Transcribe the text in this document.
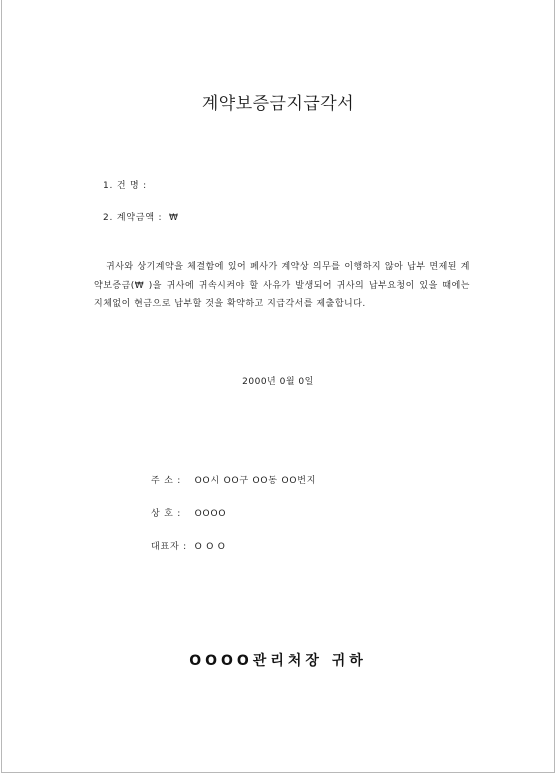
계약보증금지급각서
1. 건 명 :
2. 계약금액 : ₩

귀사와 상기계약을 체결함에 있어 폐사가 계약상 의무를 이행하지 않아 납부 면제된 계약보증금(₩ )을 귀사에 귀속시켜야 할 사유가 발생되어 귀사의 납부요청이 있을 때에는 지체없이 현금으로 납부할 것을 확약하고 지급각서를 제출합니다.

2000년 0월 0일
주 소 : OO시 OO구 OO동 OO번지
상 호 : OOOO
대표자 : O O O
OOOO관리처장 귀하
